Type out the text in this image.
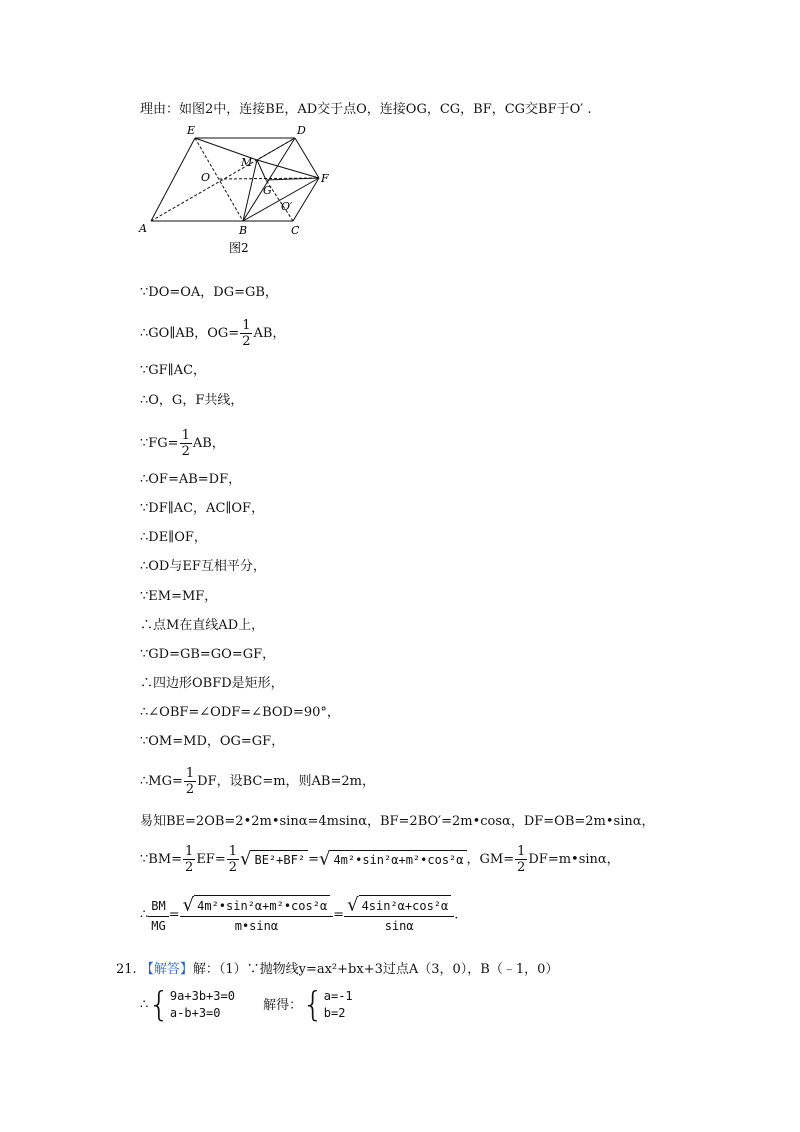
理由：如图2中，连接BE，AD交于点O，连接OG，CG，BF，CG交BF于O′ .
E	D
M
O
G
F
O′
A	B	C
图2
∵DO=OA，DG=GB，
∴GO∥AB，$OG= \frac{1}{2}$ AB，
∵GF∥AC，
∴O，G，F共线，
∵FG= $\frac{1}{2}$ AB，
∴OF=AB=DF，
∵DF∥AC，AC∥OF，
∴DE∥OF，
∴OD与EF互相平分，
∵EM=MF，
∴点M在直线AD上，
∵GD=GB=GO=GF，
∴四边形OBFD是矩形，
∴∠OBF=∠ODF=∠BOD=90°，
∵OM=MD，OG=GF，
∴MG= $\frac{1}{2}$ DF，设BC=m，则AB=2m，
易知BE=2OB=2•2m•sinα=4msinα，BF=2BO′=2m•cosα，DF=OB=2m•sinα，
∵BM= $\frac{1}{2} EF= \frac{1}{2}$ √ BE²+BF² =√ 4m²•sin²α+m²•cos²α ，$GM= \frac{1}{2}$ DF=m•sinα，
∴ $\frac{BM}{MG} = \frac{\text{√ 4m²•sin²α+m²•cos²α}}{m•\sin\alpha} = \frac{\text{√ 4sin²α+cos²α}}{\sin\alpha}$ .
21. 【解答】解：（1）∵抛物线y=ax²+bx+3过点A（3，0），B（﹣1，0）
∴{ 9a+3b+3=0
a-b+3=0
解得：{ a=-1
b=2
